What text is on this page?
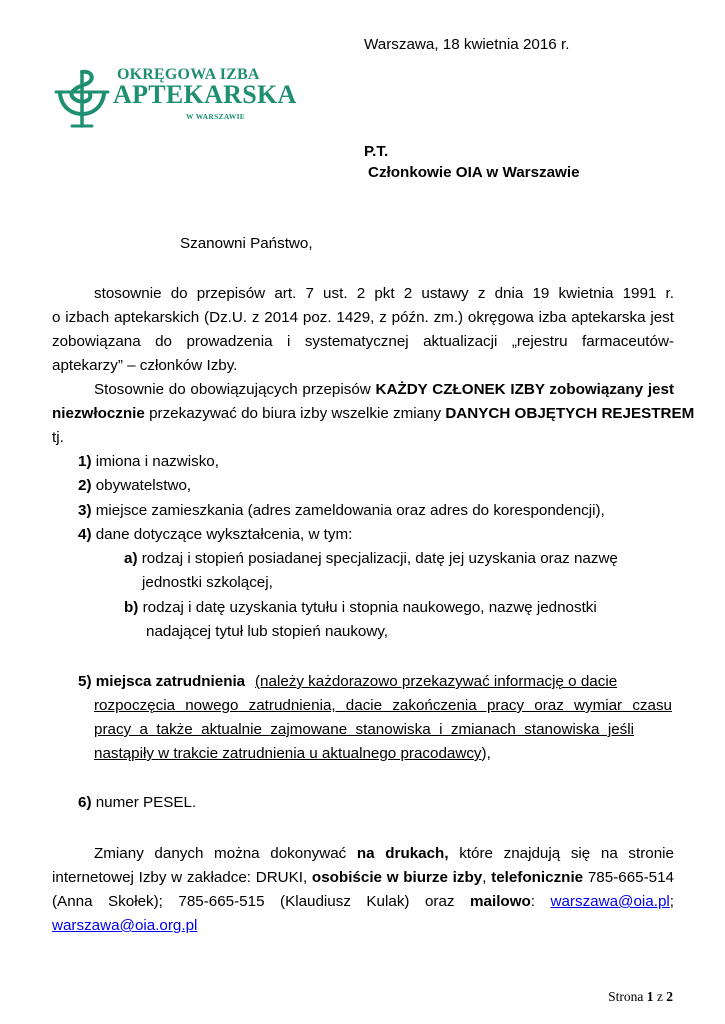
Warszawa, 18 kwietnia 2016 r.
OKRĘGOWA IZBA
APTEKARSKA
W WARSZAWIE
P.T.
Członkowie OIA w Warszawie
Szanowni Państwo,
stosownie do przepisów art. 7 ust. 2 pkt 2 ustawy z dnia 19 kwietnia 1991 r.
o izbach aptekarskich (Dz.U. z 2014 poz. 1429, z późn. zm.) okręgowa izba aptekarska jest
zobowiązana do prowadzenia i systematycznej aktualizacji „rejestru farmaceutów-
aptekarzy” – członków Izby.
Stosownie do obowiązujących przepisów KAŻDY CZŁONEK IZBY zobowiązany jest
niezwłocznie przekazywać do biura izby wszelkie zmiany DANYCH OBJĘTYCH REJESTREM
tj.
1) imiona i nazwisko,
2) obywatelstwo,
3) miejsce zamieszkania (adres zameldowania oraz adres do korespondencji),
4) dane dotyczące wykształcenia, w tym:
a) rodzaj i stopień posiadanej specjalizacji, datę jej uzyskania oraz nazwę
jednostki szkolącej,
b) rodzaj i datę uzyskania tytułu i stopnia naukowego, nazwę jednostki
nadającej tytuł lub stopień naukowy,
5) miejsca zatrudnienia (należy każdorazowo przekazywać informację o dacie
rozpoczęcia nowego zatrudnienia, dacie zakończenia pracy oraz wymiar czasu
pracy a także aktualnie zajmowane stanowiska i zmianach stanowiska jeśli
nastąpiły w trakcie zatrudnienia u aktualnego pracodawcy),
6) numer PESEL.
Zmiany danych można dokonywać na drukach, które znajdują się na stronie
internetowej Izby w zakładce: DRUKI, osobiście w biurze izby, telefonicznie 785-665-514
(Anna Skołek); 785-665-515 (Klaudiusz Kulak) oraz mailowo: warszawa@oia.pl;
warszawa@oia.org.pl
Strona 1 z 2
